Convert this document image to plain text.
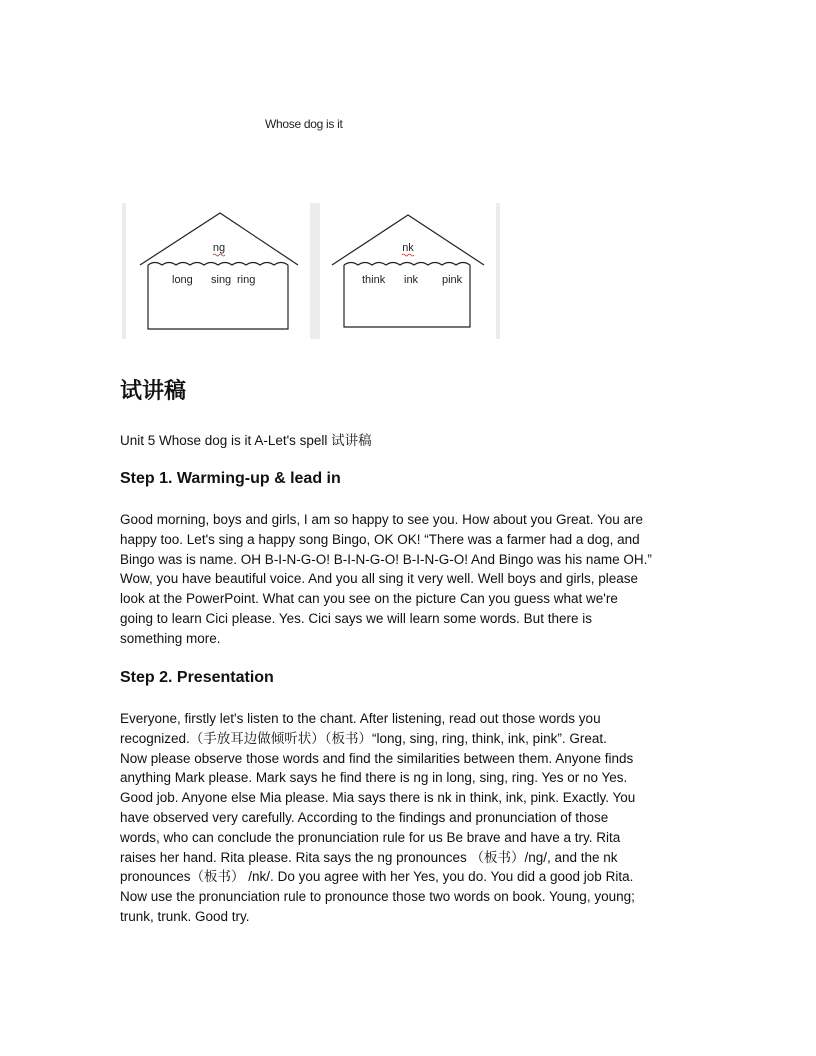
Whose dog is it
ng	nk
long sing ring	think ink pink
试讲稿

Unit 5 Whose dog is it A-Let's spell 试讲稿

Step 1. Warming-up & lead in
Good morning, boys and girls, I am so happy to see you. How about you Great. You are
happy too. Let's sing a happy song Bingo, OK OK! “There was a farmer had a dog, and
Bingo was is name. OH B-I-N-G-O! B-I-N-G-O! B-I-N-G-O! And Bingo was his name OH.”
Wow, you have beautiful voice. And you all sing it very well. Well boys and girls, please
look at the PowerPoint. What can you see on the picture Can you guess what we're
going to learn Cici please. Yes. Cici says we will learn some words. But there is
something more.
Step 2. Presentation
Everyone, firstly let's listen to the chant. After listening, read out those words you
recognized.（手放耳边做倾听状）（板书）“long, sing, ring, think, ink, pink”. Great.
Now please observe those words and find the similarities between them. Anyone finds
anything Mark please. Mark says he find there is ng in long, sing, ring. Yes or no Yes.
Good job. Anyone else Mia please. Mia says there is nk in think, ink, pink. Exactly. You
have observed very carefully. According to the findings and pronunciation of those
words, who can conclude the pronunciation rule for us Be brave and have a try. Rita
raises her hand. Rita please. Rita says the ng pronounces （板书）/ng/, and the nk
pronounces（板书） /nk/. Do you agree with her Yes, you do. You did a good job Rita.
Now use the pronunciation rule to pronounce those two words on book. Young, young;
trunk, trunk. Good try.
